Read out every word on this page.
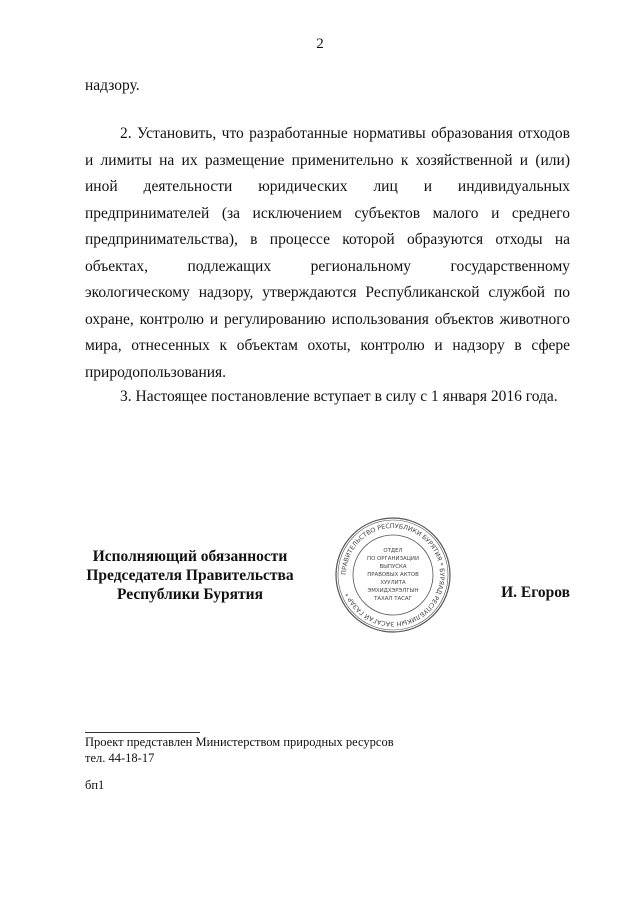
2

надзору.

2. Установить, что разработанные нормативы образования отходов и лимиты на их размещение применительно к хозяйственной и (или) иной деятельности юридических лиц и индивидуальных предпринимателей (за исключением субъектов малого и среднего предпринимательства), в процессе которой образуются отходы на объектах, подлежащих региональному государственному экологическому надзору, утверждаются Республиканской службой по охране, контролю и регулированию использования объектов животного мира, отнесенных к объектам охоты, контролю и надзору в сфере природопользования.

3. Настоящее постановление вступает в силу с 1 января 2016 года.

Исполняющий обязанности
Председателя Правительства
Республики Бурятия
ПРАВИТЕЛЬСТВО РЕСПУБЛИКИ БУРЯТИЯ * БУРЯАД РЕСПУБЛИКЫН ЗАСАГАЙ ГАЗАР *
ОТДЕЛ
ПО ОРГАНИЗАЦИИ
ВЫПУСКА
ПРАВОВЫХ АКТОВ
ХУУЛИТА
ЭМХИДХЭРЭЛГЫН
ТАХАЛ ТАСАГ	И. Егоров
Проект представлен Министерством природных ресурсов
тел. 44-18-17
бп1
